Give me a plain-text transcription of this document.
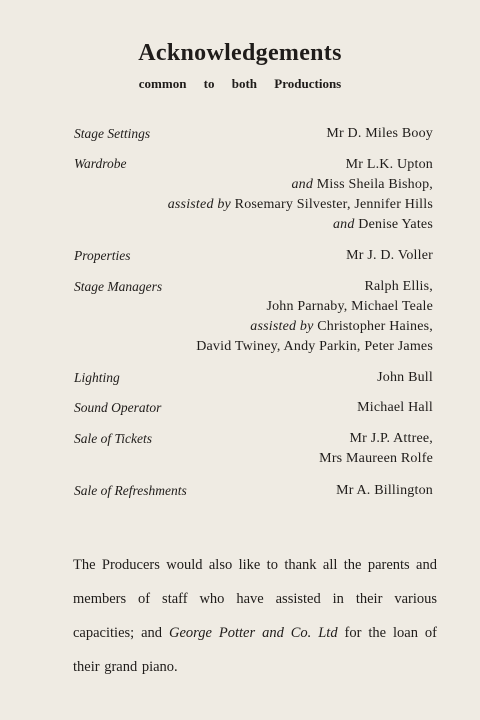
Acknowledgements
common to both Productions
Stage Settings	Mr D. Miles Booy
Wardrobe	Mr L.K. Upton
and Miss Sheila Bishop,
assisted by Rosemary Silvester, Jennifer Hills
and Denise Yates
Properties	Mr J. D. Voller
Stage Managers	Ralph Ellis,
John Parnaby, Michael Teale
assisted by Christopher Haines,
David Twiney, Andy Parkin, Peter James
Lighting	John Bull
Sound Operator	Michael Hall
Sale of Tickets	Mr J.P. Attree,
Mrs Maureen Rolfe
Sale of Refreshments	Mr A. Billington
The Producers would also like to thank all the parents and members of staff who have assisted in their various capacities; and George Potter and Co. Ltd for the loan of their grand piano.
